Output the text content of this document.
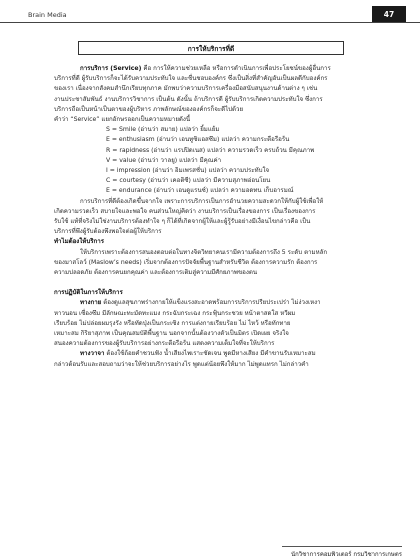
Brain Media	47
การให้บริการที่ดี

การบริการ (Service) คือ การให้ความช่วยเหลือ หรือการดำเนินการเพื่อประโยชน์ของผู้อื่นการ

บริการที่ดี ผู้รับบริการก็จะได้รับความประทับใจ และชื่นชอบองค์กร ซึ่งเป็นสิ่งที่สำคัญอันเป็นผลดีกับองค์กร

ของเรา เนื่องจากสังคมสำนึกเรียบทุกภาค มักพบว่าความบริการเครื่องมือสนับสนุนงานด้านต่าง ๆ เช่น

งานประชาสัมพันธ์ งานบริการวิชาการ เป็นต้น ดังนั้น ถ้าบริการดี ผู้รับบริการเกิดความประทับใจ ซึ่งการ

บริการถือเป็นหน้าเป็นตาของผู้บริหาร ภาพลักษณ์ขององค์กรก็จะดีไปด้วย

คำว่า “Service” แยกอักษรออกเป็นความหมายดังนี้

S = Smile (อ่านว่า สมาย) แปลว่า ยิ้มแย้ม

E = enthusiasm (อ่านว่า เอนทูซิแอสซึม) แปลว่า ความกระตือรือร้น

R = rapidness (อ่านว่า แรปปิดเนส) แปลว่า ความรวดเร็ว ครบถ้วน มีคุณภาพ

V = value (อ่านว่า วาลยู) แปลว่า มีคุณค่า

I = impression (อ่านว่า อิมเพรสชั่น) แปลว่า ความประทับใจ

C = courtesy (อ่านว่า เคอติซี) แปลว่า มีความสุภาพอ่อนโยน

E = endurance (อ่านว่า เอนดูแรนซ์) แปลว่า ความอดทน เก็บอารมณ์

การบริการที่ดีต้องเกิดขึ้นจากใจ เพราะการบริการเป็นการอำนวยความสะดวกให้กับผู้ใช้เพื่อให้

เกิดความรวดเร็ว สบายใจและพอใจ คนส่วนใหญ่คิดว่า งานบริการเป็นเรื่องของการ เป็นเรื่องของการ

รับใช้ แท้ที่จริงไม่ใช่งานบริการต้องทำใจ ๆ ก็ได้ที่เกิดจากผู้ให้และผู้รู้รับอย่างมีเงื่อนไขกล่าวคือ เป็น

บริการที่พึงผู้รับต้องพึงพอใจต่อผู้ให้บริการ

ทำไมต้องให้บริการ

ให้บริการเพราะต้องการสนองตอบต่อในทางจิตวิทยาคนเรามีความต้องการถึง 5 ระดับ ตามหลัก

ของมาสโลว์ (Maslow’s needs) เริ่มจากต้องการปัจจัยพื้นฐานสำหรับชีวิต ต้องการความรัก ต้องการ

ความปลอดภัย ต้องการคนยกคุณค่า และต้องการเติมสู่ความมีศักยภาพของตน

การปฏิบัติในการให้บริการ

ทางกาย ต้องดูแลสุขภาพร่างกายให้แข็งแรงสะอาดพร้อมการบริการปรียประเปร่า ไม่ง่วงเหงา

หาวนอน เซื่องซึม มีลักษณะทะมัดทะแมง กระฉับกระเฉง กระฟุ้นกระชวย หน้าตาสดใส หวีผม

เรียบร้อย ไม่ปล่อยผมรุงรัง หรือทัดปุ่งเป็นกระเซิง การแต่งกายเรียบร้อย ไม่ ไหว้ หรือทักทาย

เหมาะสม กิริยาสุภาพ เป็นคุณสมบัติพื้นฐาน นอกจากนั้นต้องวางตัวเป็นมิตร เปิดเผย จริงใจ

สนองความต้องการของผู้รับบริการอย่างกระตือรือร้น แสดงความเต็มใจที่จะให้บริการ

ทางวาจา ต้องใช้ถ้อยคำชวนฟัง น้ำเสียงไพเราะชัดเจน พูดมีหางเสียง มีคำขานรับเหมาะสม

กล่าวต้อนรับและสอบถามว่าจะให้ช่วยบริการอย่างไร พูดแต่น้อยพึงให้มาก ไม่พูดแทรก ไม่กล่าวคำ

นักวิชาการคอมพิวเตอร์ กรมวิชาการเกษตร
